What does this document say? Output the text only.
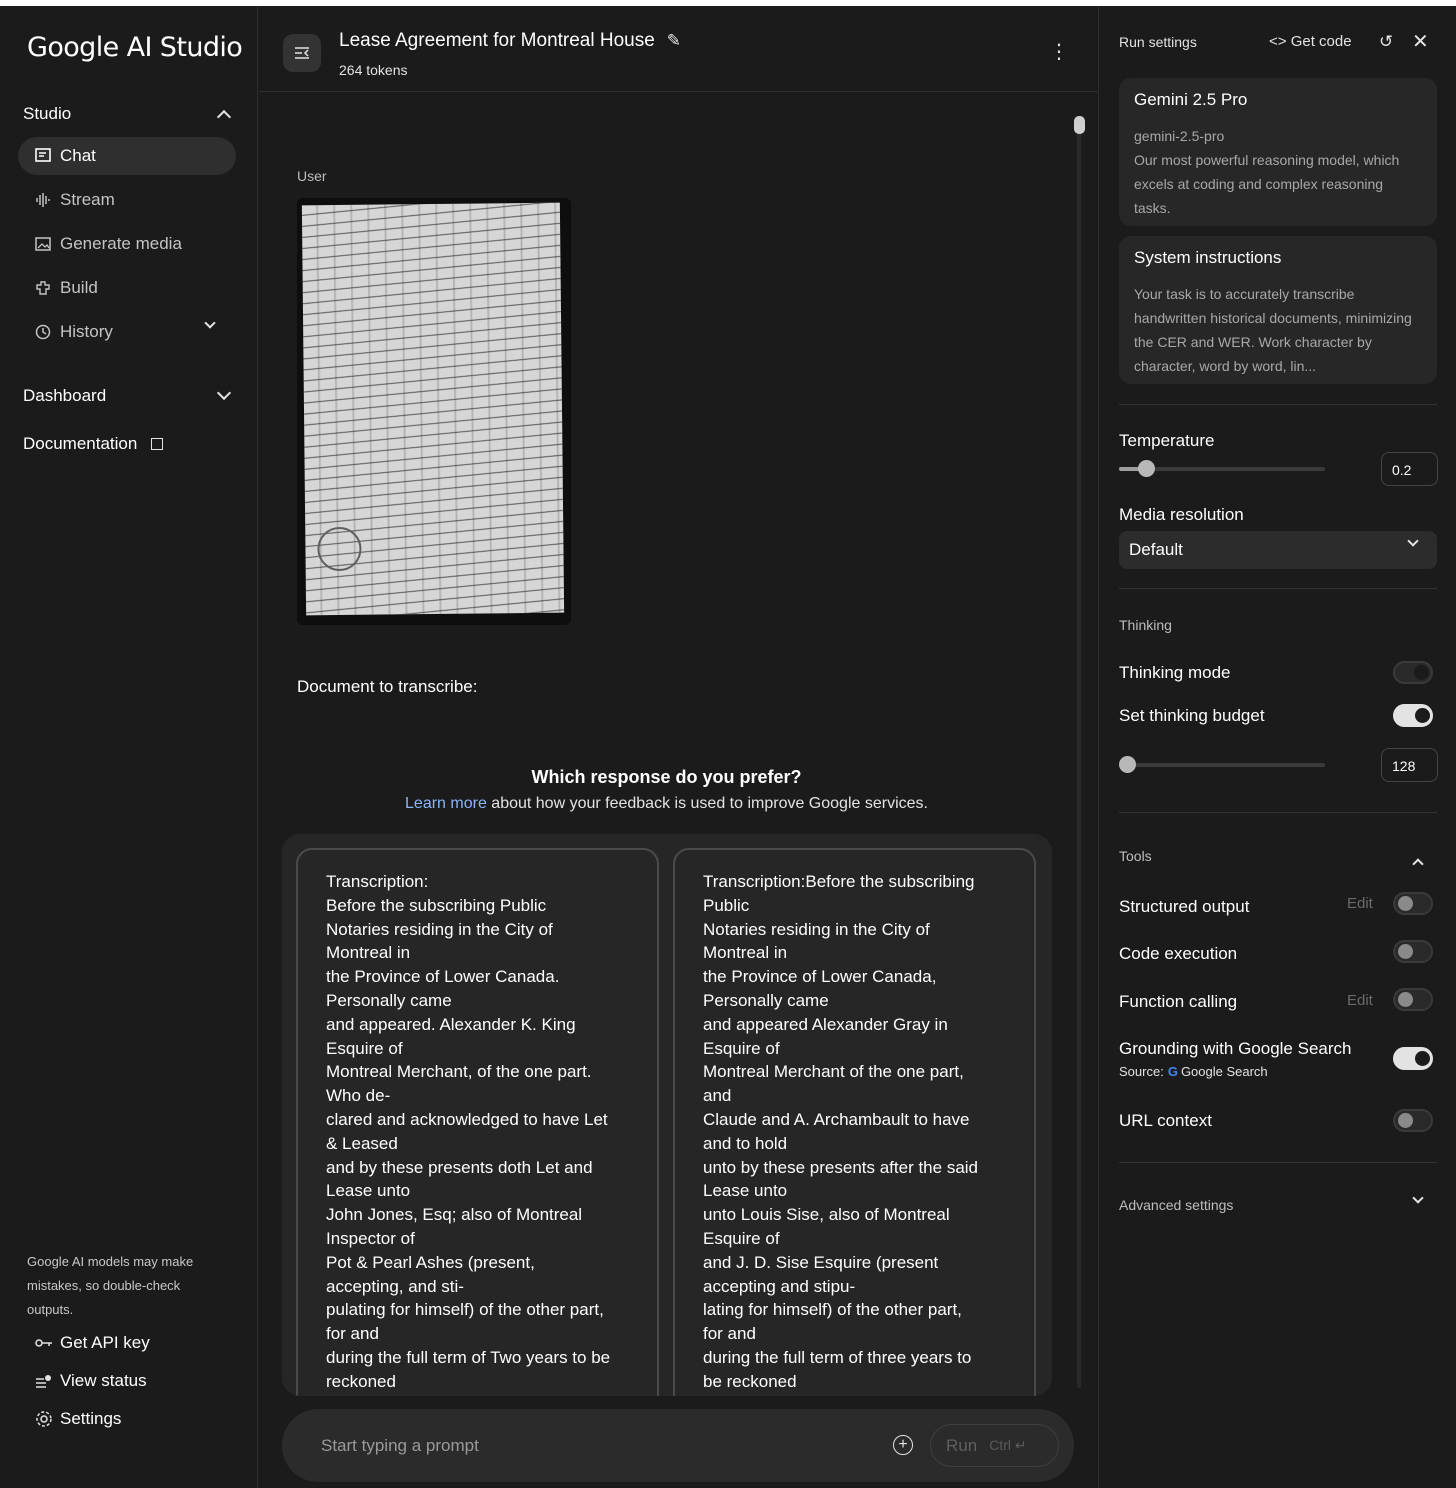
Google AI Studio
Studio
Chat
Stream
Generate media
Build
History
Dashboard
Documentation
Google AI models may make mistakes, so double-check outputs.
Get API key
View status
Settings
Lease Agreement for Montreal House ✎
264 tokens
⋮
User
Document to transcribe:
Which response do you prefer?
Learn more about how your feedback is used to improve Google services.
Transcription:
Before the subscribing Public
Notaries residing in the City of
Montreal in
the Province of Lower Canada.
Personally came
and appeared. Alexander K. King
Esquire of
Montreal Merchant, of the one part.
Who de-
clared and acknowledged to have Let
& Leased
and by these presents doth Let and
Lease unto
John Jones, Esq; also of Montreal
Inspector of
Pot & Pearl Ashes (present,
accepting, and sti-
pulating for himself) of the other part,
for and
during the full term of Two years to be
reckoned
Transcription:Before the subscribing
Public
Notaries residing in the City of
Montreal in
the Province of Lower Canada,
Personally came
and appeared Alexander Gray in
Esquire of
Montreal Merchant of the one part,
and
Claude and A. Archambault to have
and to hold
unto by these presents after the said
Lease unto
unto Louis Sise, also of Montreal
Esquire of
and J. D. Sise Esquire (present
accepting and stipu-
lating for himself) of the other part,
for and
during the full term of three years to
be reckoned
Start typing a prompt	+	Run Ctrl ↵
Run settings	<> Get code ↺ ✕
Gemini 2.5 Pro
gemini-2.5-pro
Our most powerful reasoning model, which excels at coding and complex reasoning tasks.
System instructions
Your task is to accurately transcribe handwritten historical documents, minimizing the CER and WER. Work character by character, word by word, lin...
Temperature
0.2
Media resolution
Default
Thinking
Thinking mode
Set thinking budget
128
Tools
Structured output	Edit
Code execution
Function calling	Edit
Grounding with Google Search
Source: G Google Search
URL context
Advanced settings
